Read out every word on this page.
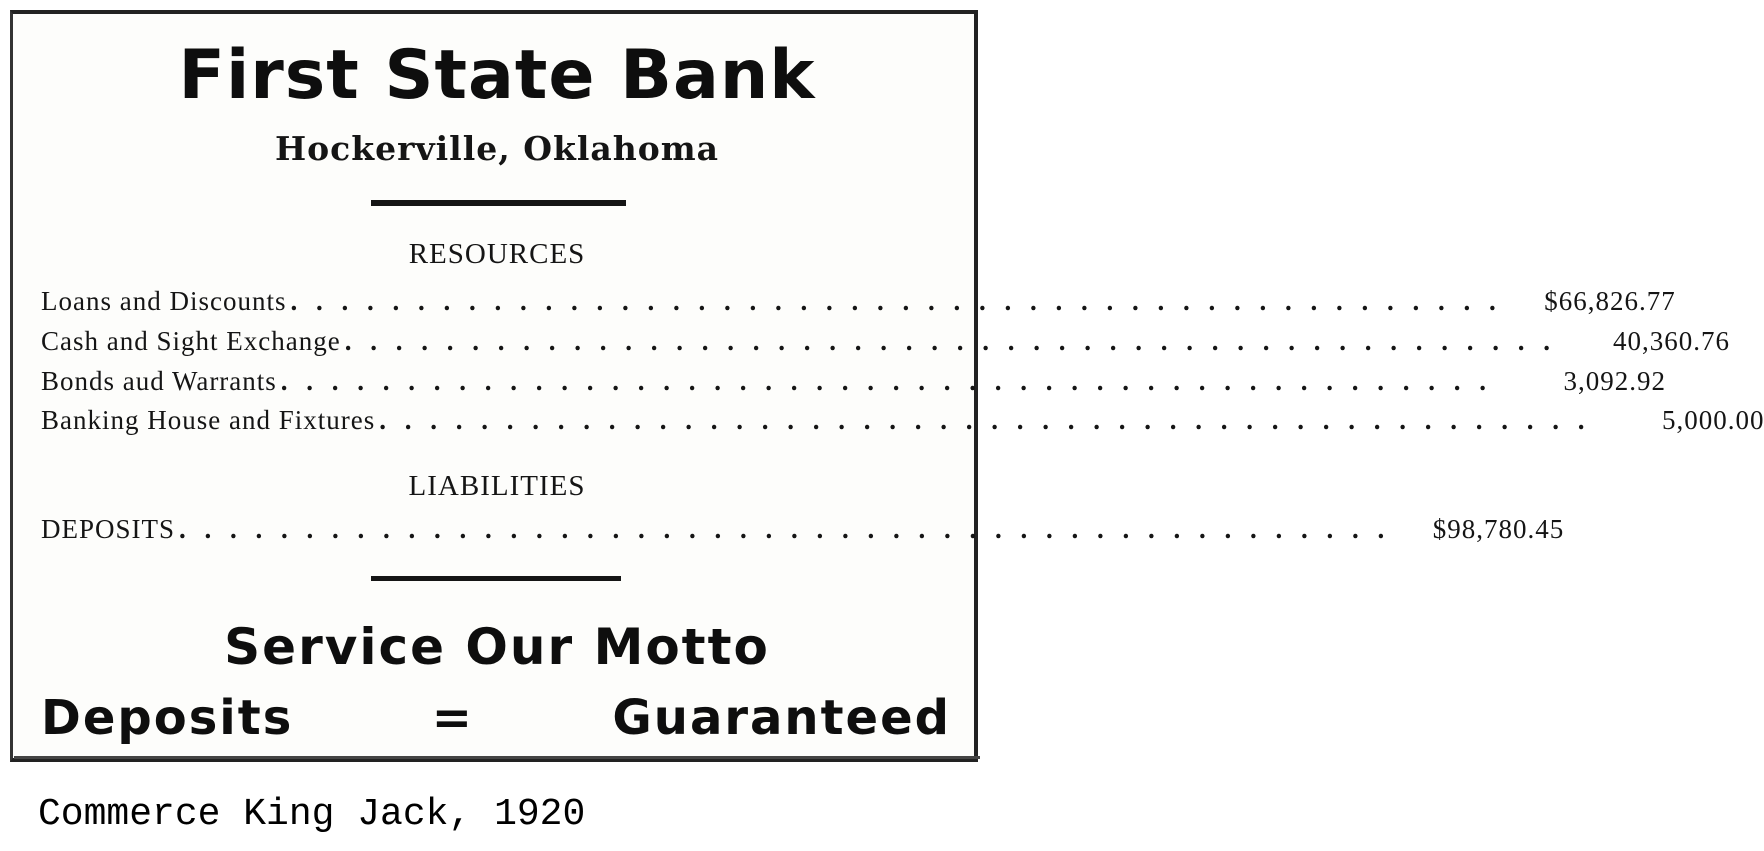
First State Bank
Hockerville, Oklahoma
RESOURCES
Loans and Discounts . . . . . . . . . . . . . . . . . . . . . . . . . . . . . . . . . . . . . . . . . . . . . . . .	$66,826.77
Cash and Sight Exchange . . . . . . . . . . . . . . . . . . . . . . . . . . . . . . . . . . . . . . . . . . . . . . . .	40,360.76
Bonds aud Warrants . . . . . . . . . . . . . . . . . . . . . . . . . . . . . . . . . . . . . . . . . . . . . . . .	3,092.92
Banking House and Fixtures . . . . . . . . . . . . . . . . . . . . . . . . . . . . . . . . . . . . . . . . . . . . . . . .	5,000.00
LIABILITIES
DEPOSITS . . . . . . . . . . . . . . . . . . . . . . . . . . . . . . . . . . . . . . . . . . . . . . . .	$98,780.45
Service Our Motto
Deposits	=	Guaranteed
Commerce King Jack, 1920
